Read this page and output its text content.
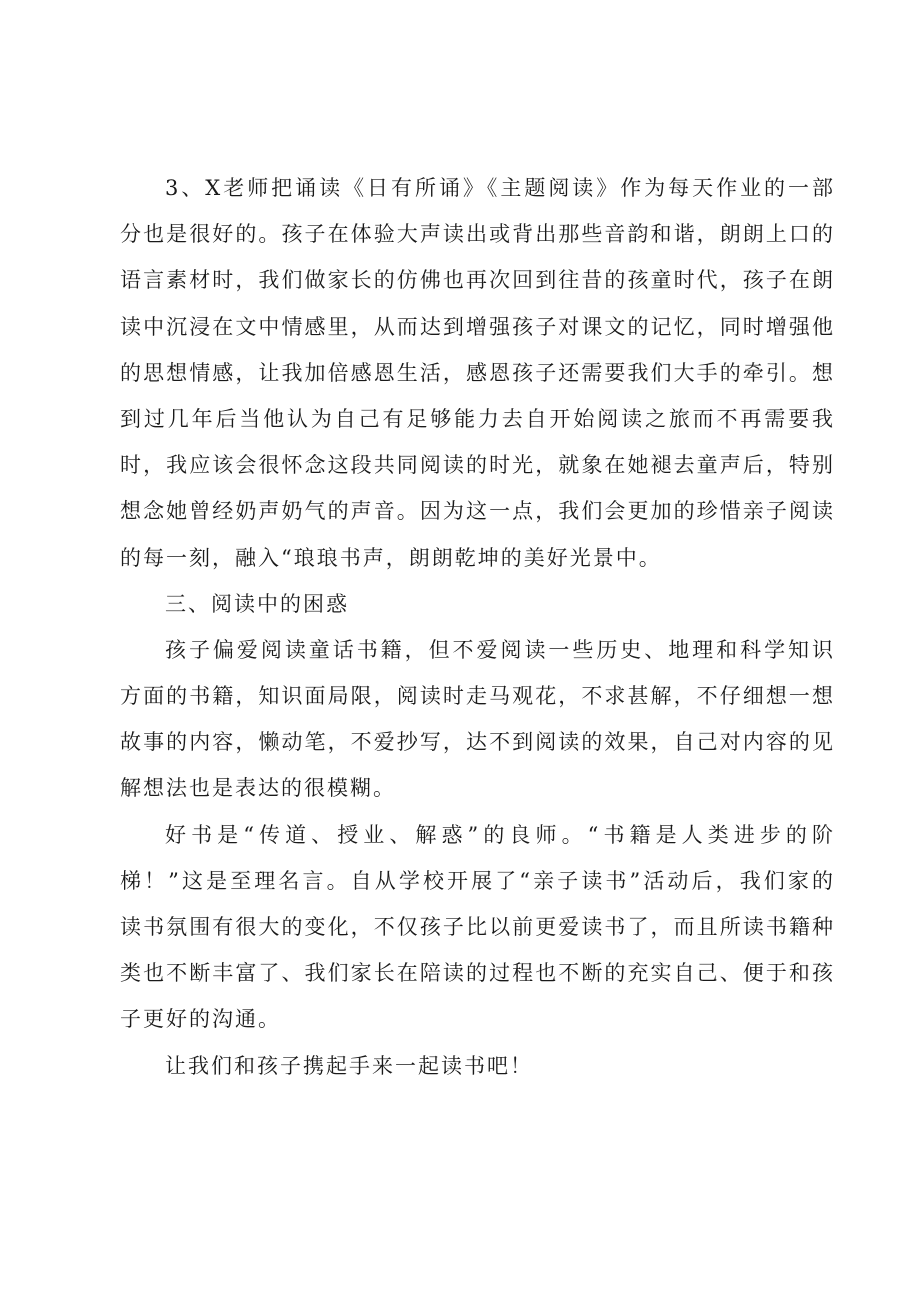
3、X老师把诵读《日有所诵》《主题阅读》作为每天作业的一部
分也是很好的。孩子在体验大声读出或背出那些音韵和谐，朗朗上口的
语言素材时，我们做家长的仿佛也再次回到往昔的孩童时代，孩子在朗
读中沉浸在文中情感里，从而达到增强孩子对课文的记忆，同时增强他
的思想情感，让我加倍感恩生活，感恩孩子还需要我们大手的牵引。想
到过几年后当他认为自己有足够能力去自开始阅读之旅而不再需要我
时，我应该会很怀念这段共同阅读的时光，就象在她褪去童声后，特别
想念她曾经奶声奶气的声音。因为这一点，我们会更加的珍惜亲子阅读
的每一刻，融入“琅琅书声，朗朗乾坤的美好光景中。
三、阅读中的困惑
孩子偏爱阅读童话书籍，但不爱阅读一些历史、地理和科学知识
方面的书籍，知识面局限，阅读时走马观花，不求甚解，不仔细想一想
故事的内容，懒动笔，不爱抄写，达不到阅读的效果，自己对内容的见
解想法也是表达的很模糊。
好书是“传道、授业、解惑”的良师。“书籍是人类进步的阶
梯！”这是至理名言。自从学校开展了“亲子读书”活动后，我们家的
读书氛围有很大的变化，不仅孩子比以前更爱读书了，而且所读书籍种
类也不断丰富了、我们家长在陪读的过程也不断的充实自己、便于和孩
子更好的沟通。
让我们和孩子携起手来一起读书吧！
